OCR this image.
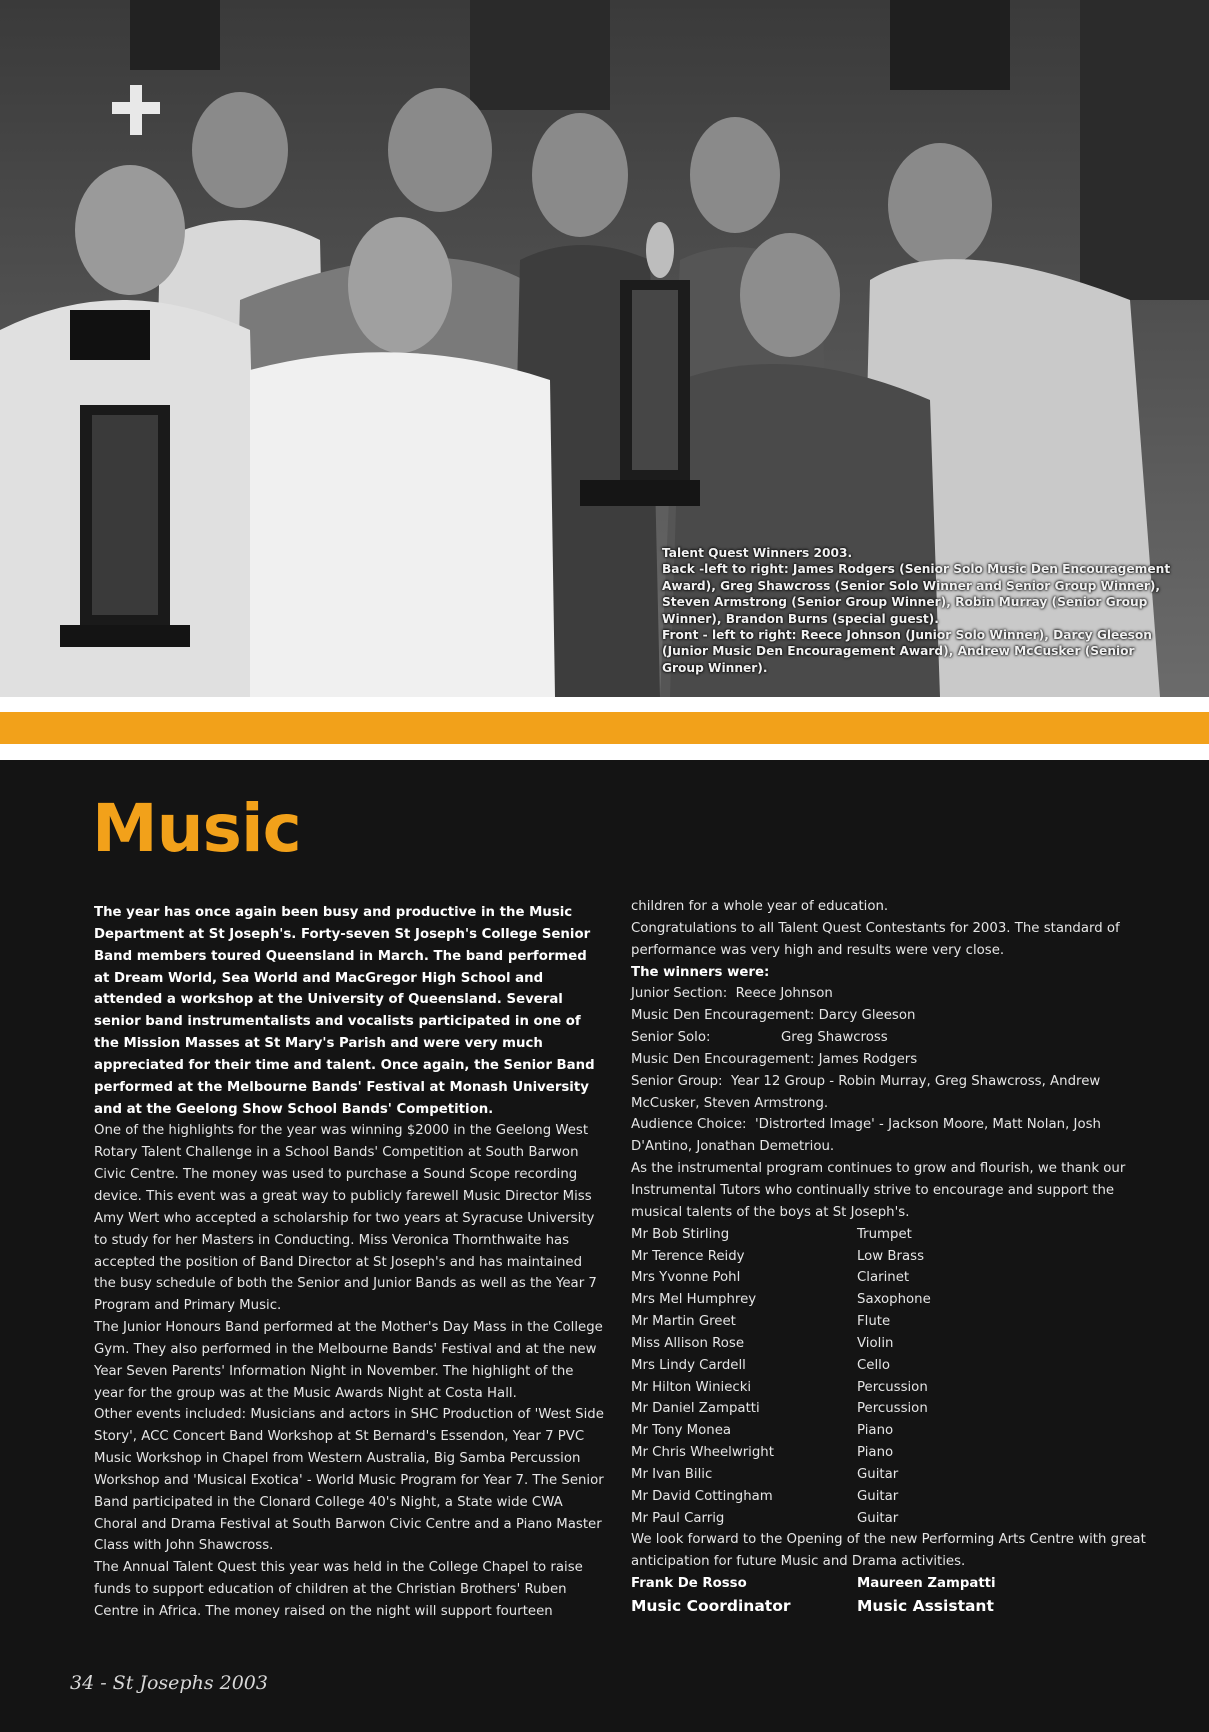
Talent Quest Winners 2003.

Back -left to right: James Rodgers (Senior Solo Music Den Encouragement Award), Greg Shawcross (Senior Solo Winner and Senior Group Winner), Steven Armstrong (Senior Group Winner), Robin Murray (Senior Group Winner), Brandon Burns (special guest).

Front - left to right: Reece Johnson (Junior Solo Winner), Darcy Gleeson (Junior Music Den Encouragement Award), Andrew McCusker (Senior Group Winner).

Music

The year has once again been busy and productive in the Music Department at St Joseph's. Forty-seven St Joseph's College Senior Band members toured Queensland in March. The band performed at Dream World, Sea World and MacGregor High School and attended a workshop at the University of Queensland. Several senior band instrumentalists and vocalists participated in one of the Mission Masses at St Mary's Parish and were very much appreciated for their time and talent. Once again, the Senior Band performed at the Melbourne Bands' Festival at Monash University and at the Geelong Show School Bands' Competition.

One of the highlights for the year was winning $2000 in the Geelong West Rotary Talent Challenge in a School Bands' Competition at South Barwon Civic Centre. The money was used to purchase a Sound Scope recording device. This event was a great way to publicly farewell Music Director Miss Amy Wert who accepted a scholarship for two years at Syracuse University to study for her Masters in Conducting. Miss Veronica Thornthwaite has accepted the position of Band Director at St Joseph's and has maintained the busy schedule of both the Senior and Junior Bands as well as the Year 7 Program and Primary Music.

The Junior Honours Band performed at the Mother's Day Mass in the College Gym. They also performed in the Melbourne Bands' Festival and at the new Year Seven Parents' Information Night in November. The highlight of the year for the group was at the Music Awards Night at Costa Hall.

Other events included: Musicians and actors in SHC Production of 'West Side Story', ACC Concert Band Workshop at St Bernard's Essendon, Year 7 PVC Music Workshop in Chapel from Western Australia, Big Samba Percussion Workshop and 'Musical Exotica' - World Music Program for Year 7. The Senior Band participated in the Clonard College 40's Night, a State wide CWA Choral and Drama Festival at South Barwon Civic Centre and a Piano Master Class with John Shawcross.

The Annual Talent Quest this year was held in the College Chapel to raise funds to support education of children at the Christian Brothers' Ruben Centre in Africa. The money raised on the night will support fourteen

children for a whole year of education.

Congratulations to all Talent Quest Contestants for 2003. The standard of performance was very high and results were very close.

The winners were:

Junior Section: Reece Johnson

Music Den Encouragement: Darcy Gleeson

Senior Solo:	Greg Shawcross

Music Den Encouragement: James Rodgers

Senior Group: Year 12 Group - Robin Murray, Greg Shawcross, Andrew McCusker, Steven Armstrong.

Audience Choice: 'Distrorted Image' - Jackson Moore, Matt Nolan, Josh D'Antino, Jonathan Demetriou.

As the instrumental program continues to grow and flourish, we thank our Instrumental Tutors who continually strive to encourage and support the musical talents of the boys at St Joseph's.

Mr Bob Stirling	Trumpet
Mr Terence Reidy	Low Brass
Mrs Yvonne Pohl	Clarinet
Mrs Mel Humphrey	Saxophone
Mr Martin Greet	Flute
Miss Allison Rose	Violin
Mrs Lindy Cardell	Cello
Mr Hilton Winiecki	Percussion
Mr Daniel Zampatti	Percussion
Mr Tony Monea	Piano
Mr Chris Wheelwright	Piano
Mr Ivan Bilic	Guitar
Mr David Cottingham	Guitar
Mr Paul Carrig	Guitar

We look forward to the Opening of the new Performing Arts Centre with great anticipation for future Music and Drama activities.

Frank De Rosso	Maureen Zampatti
Music Coordinator	Music Assistant

34 - St Josephs 2003
